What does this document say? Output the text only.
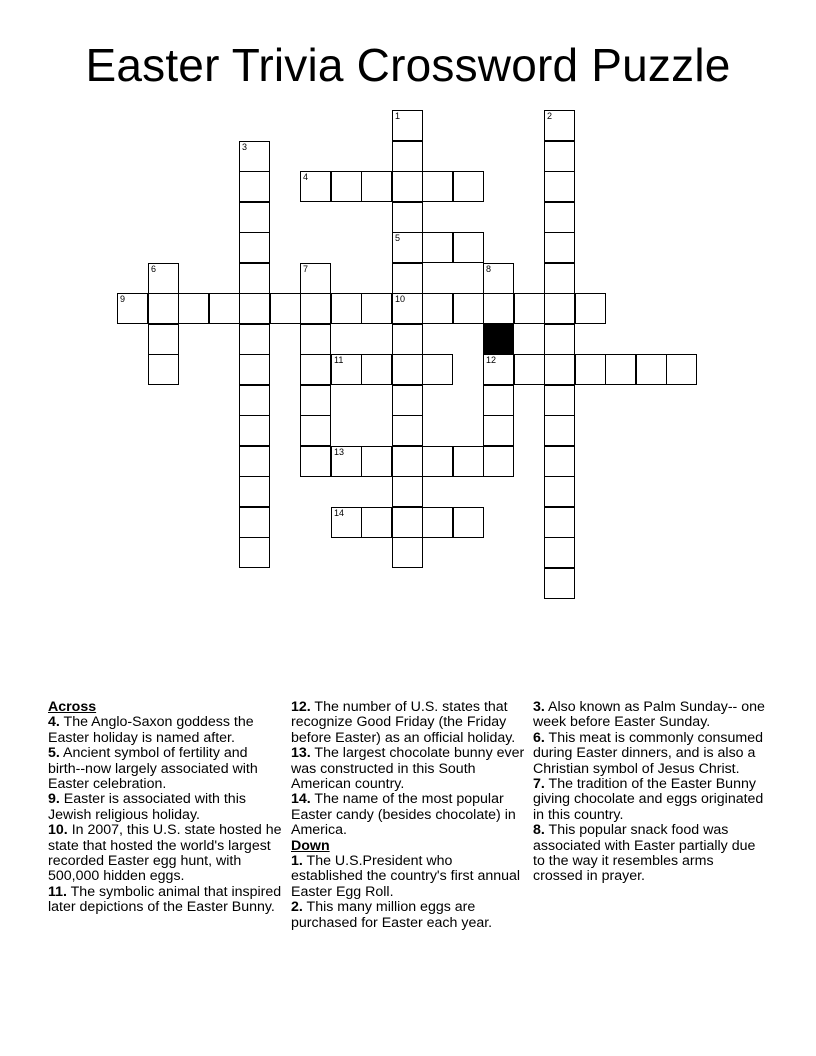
Easter Trivia Crossword Puzzle
1
5
10
2
3
4
6	7	8
12
9
11
13
14
Across
4. The Anglo-Saxon goddess the Easter holiday is named after.
5. Ancient symbol of fertility and birth--now largely associated with Easter celebration.
9. Easter is associated with this Jewish religious holiday.
10. In 2007, this U.S. state hosted he state that hosted the world's largest recorded Easter egg hunt, with 500,000 hidden eggs.
11. The symbolic animal that inspired later depictions of the Easter Bunny.
12. The number of U.S. states that recognize Good Friday (the Friday before Easter) as an official holiday.
13. The largest chocolate bunny ever was constructed in this South American country.
14. The name of the most popular Easter candy (besides chocolate) in America.
Down
1. The U.S.President who established the country's first annual Easter Egg Roll.
2. This many million eggs are purchased for Easter each year.
3. Also known as Palm Sunday-- one week before Easter Sunday.
6. This meat is commonly consumed during Easter dinners, and is also a Christian symbol of Jesus Christ.
7. The tradition of the Easter Bunny giving chocolate and eggs originated in this country.
8. This popular snack food was associated with Easter partially due to the way it resembles arms crossed in prayer.
